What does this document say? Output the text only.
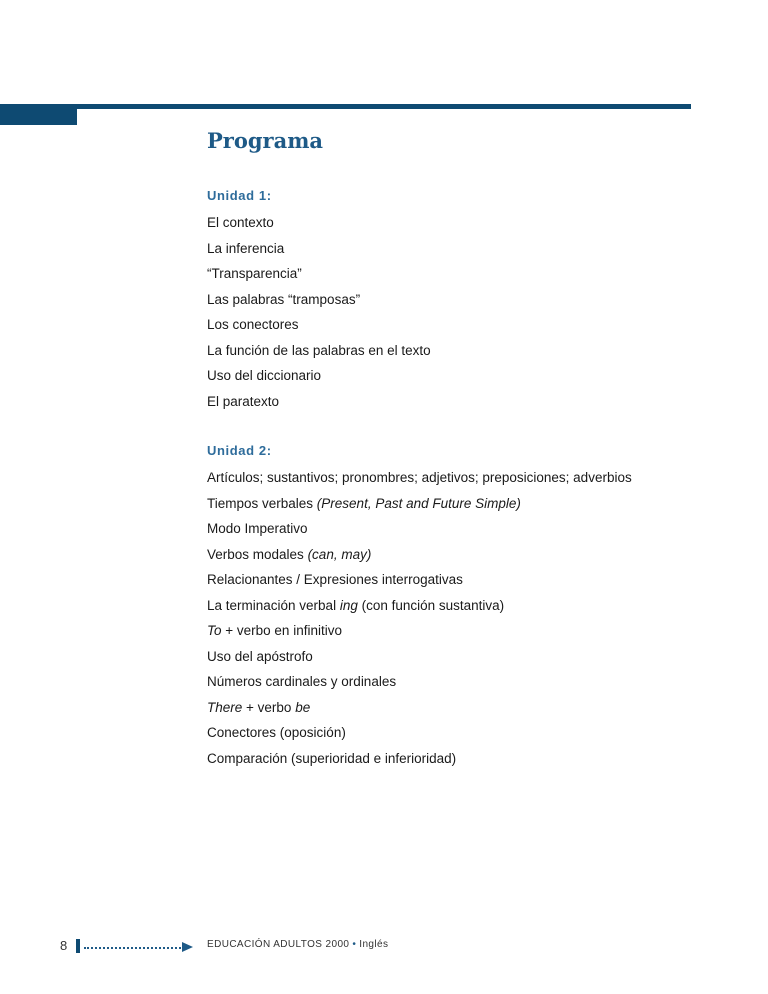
Programa
Unidad 1:
El contexto
La inferencia
“Transparencia”
Las palabras “tramposas”
Los conectores
La función de las palabras en el texto
Uso del diccionario
El paratexto
Unidad 2:
Artículos; sustantivos; pronombres; adjetivos; preposiciones; adverbios
Tiempos verbales (Present, Past and Future Simple)
Modo Imperativo
Verbos modales (can, may)
Relacionantes / Expresiones interrogativas
La terminación verbal ing (con función sustantiva)
To + verbo en infinitivo
Uso del apóstrofo
Números cardinales y ordinales
There + verbo be
Conectores (oposición)
Comparación (superioridad e inferioridad)
8	EDUCACIÓN ADULTOS 2000 • Inglés
